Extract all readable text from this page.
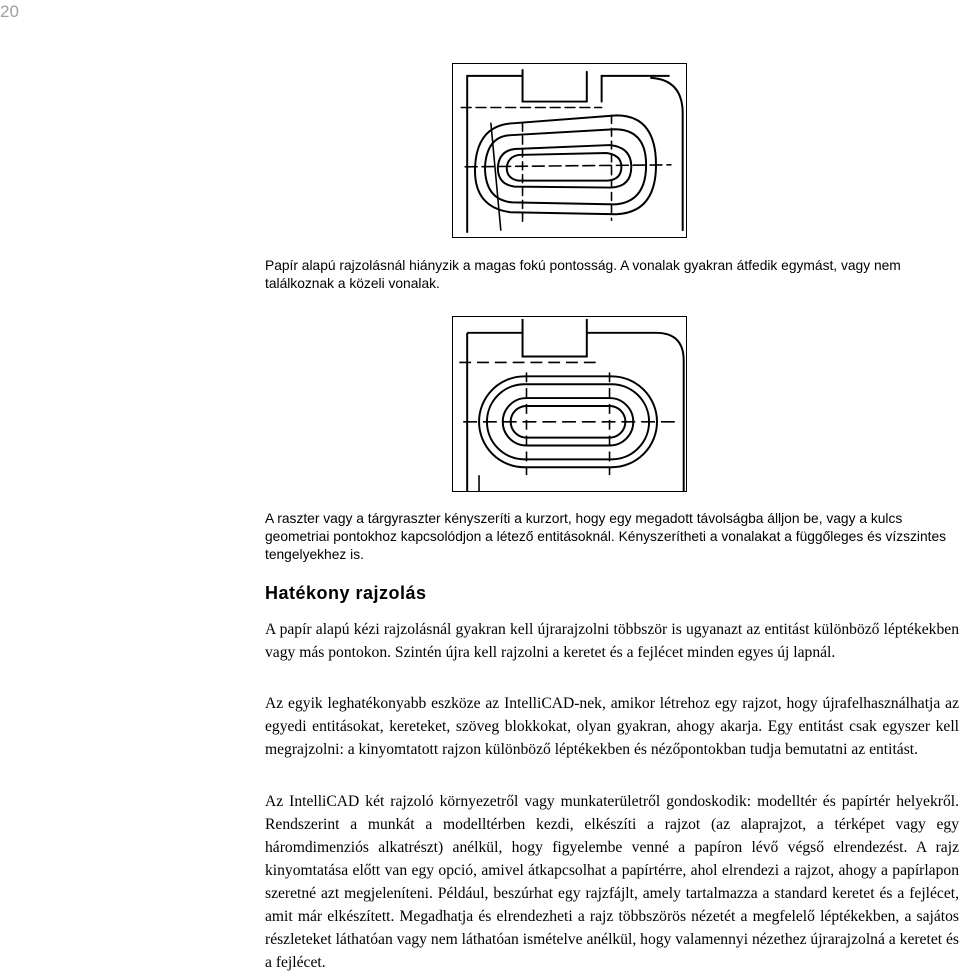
20
Papír alapú rajzolásnál hiányzik a magas fokú pontosság. A vonalak gyakran átfedik egymást, vagy nem találkoznak a közeli vonalak.
A raszter vagy a tárgyraszter kényszeríti a kurzort, hogy egy megadott távolságba álljon be, vagy a kulcs geometriai pontokhoz kapcsolódjon a létező entitásoknál. Kényszerítheti a vonalakat a függőleges és vízszintes tengelyekhez is.
Hatékony rajzolás

A papír alapú kézi rajzolásnál gyakran kell újrarajzolni többször is ugyanazt az entitást különböző léptékekben vagy más pontokon. Szintén újra kell rajzolni a keretet és a fejlécet minden egyes új lapnál.

Az egyik leghatékonyabb eszköze az IntelliCAD-nek, amikor létrehoz egy rajzot, hogy újrafelhasználhatja az egyedi entitásokat, kereteket, szöveg blokkokat, olyan gyakran, ahogy akarja. Egy entitást csak egyszer kell megrajzolni: a kinyomtatott rajzon különböző léptékekben és nézőpontokban tudja bemutatni az entitást.

Az IntelliCAD két rajzoló környezetről vagy munkaterületről gondoskodik: modelltér és papírtér helyekről. Rendszerint a munkát a modelltérben kezdi, elkészíti a rajzot (az alaprajzot, a térképet vagy egy háromdimenziós alkatrészt) anélkül, hogy figyelembe venné a papíron lévő végső elrendezést. A rajz kinyomtatása előtt van egy opció, amivel átkapcsolhat a papírtérre, ahol elrendezi a rajzot, ahogy a papírlapon szeretné azt megjeleníteni. Például, beszúrhat egy rajzfájlt, amely tartalmazza a standard keretet és a fejlécet, amit már elkészített. Megadhatja és elrendezheti a rajz többszörös nézetét a megfelelő léptékekben, a sajátos részleteket láthatóan vagy nem láthatóan ismételve anélkül, hogy valamennyi nézethez újrarajzolná a keretet és a fejlécet.
